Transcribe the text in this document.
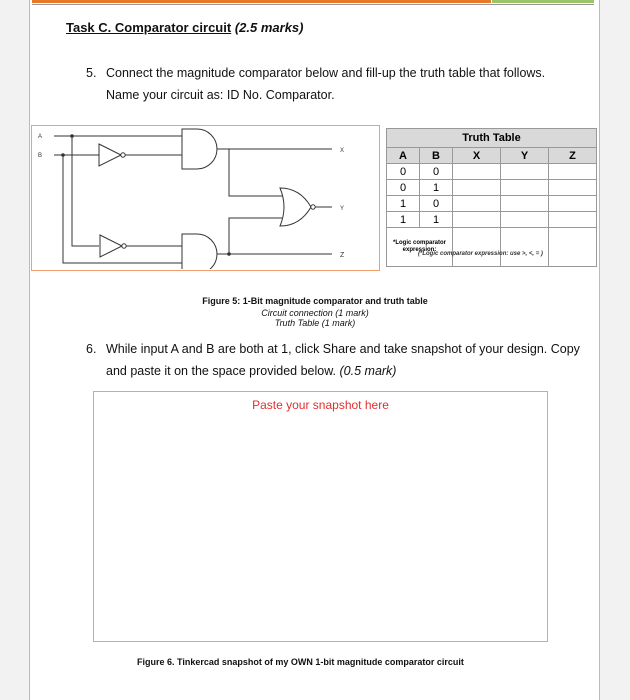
Task C. Comparator circuit (2.5 marks)
5. Connect the magnitude comparator below and fill-up the truth table that follows. Name your circuit as: ID No. Comparator.
A
B
X
Y
Z
Truth Table				
A	B	X	Y	Z
0	0			
0	1			
1	0			
1	1			
*Logic comparator expression:				
(*Logic comparator expression: use >, <, = )
Figure 5: 1-Bit magnitude comparator and truth table
Circuit connection (1 mark)
Truth Table (1 mark)
6. While input A and B are both at 1, click Share and take snapshot of your design. Copy and paste it on the space provided below. (0.5 mark)
Paste your snapshot here
Figure 6. Tinkercad snapshot of my OWN 1-bit magnitude comparator circuit
